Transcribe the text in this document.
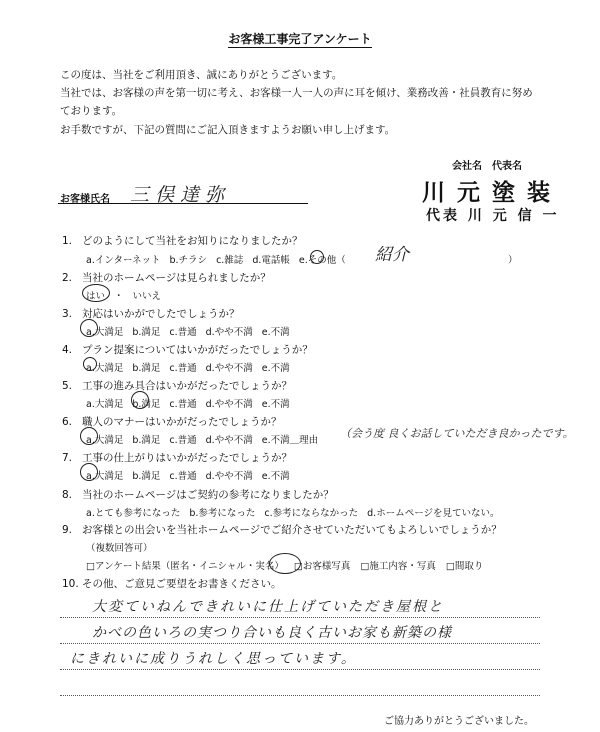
お客様工事完了アンケート
この度は、当社をご利用頂き、誠にありがとうございます。
当社では、お客様の声を第一切に考え、お客様一人一人の声に耳を傾け、業務改善・社員教育に努め
ております。
お手数ですが、下記の質問にご記入頂きますようお願い申し上げます。
会社名　代表名
川元塗装
代表 川 元 信 一
お客様氏名 三俣達弥
1. どのようにして当社をお知りになりましたか？
a.インターネット b.チラシ c.雑誌 d.電話帳 e.その他（	紹介	）
2. 当社のホームページは見られましたか？
はい ・ いいえ
3. 対応はいかがでしたでしょうか？
a.大満足 b.満足 c.普通 d.やや不満 e.不満
4. プラン提案についてはいかがだったでしょうか？
a.大満足 b.満足 c.普通 d.やや不満 e.不満
5. 工事の進み具合はいかがだったでしょうか？
a.大満足 b.満足 c.普通 d.やや不満 e.不満
6. 職人のマナーはいかがだったでしょうか？
a.大満足 b.満足 c.普通 d.やや不満 e.不満＿理由
（会う度 良くお話していただき良かったです。
7. 工事の仕上がりはいかがだったでしょうか？
a.大満足 b.満足 c.普通 d.やや不満 e.不満
8. 当社のホームページはご契約の参考になりましたか？
a.とても参考になった b.参考になった c.参考にならなかった d.ホームページを見ていない。
9. お客様との出会いを当社ホームページでご紹介させていただいてもよろしいでしょうか？
（複数回答可）
□アンケート結果（匿名・イニシャル・実名） □お客様写真 □施工内容・写真 □間取り
10. その他、ご意見ご要望をお書きください。
大変ていねんできれいに仕上げていただき屋根と
かべの色いろの実つり合いも良く古いお家も新築の様
にきれいに成りうれしく思っています。
ご協力ありがとうございました。
